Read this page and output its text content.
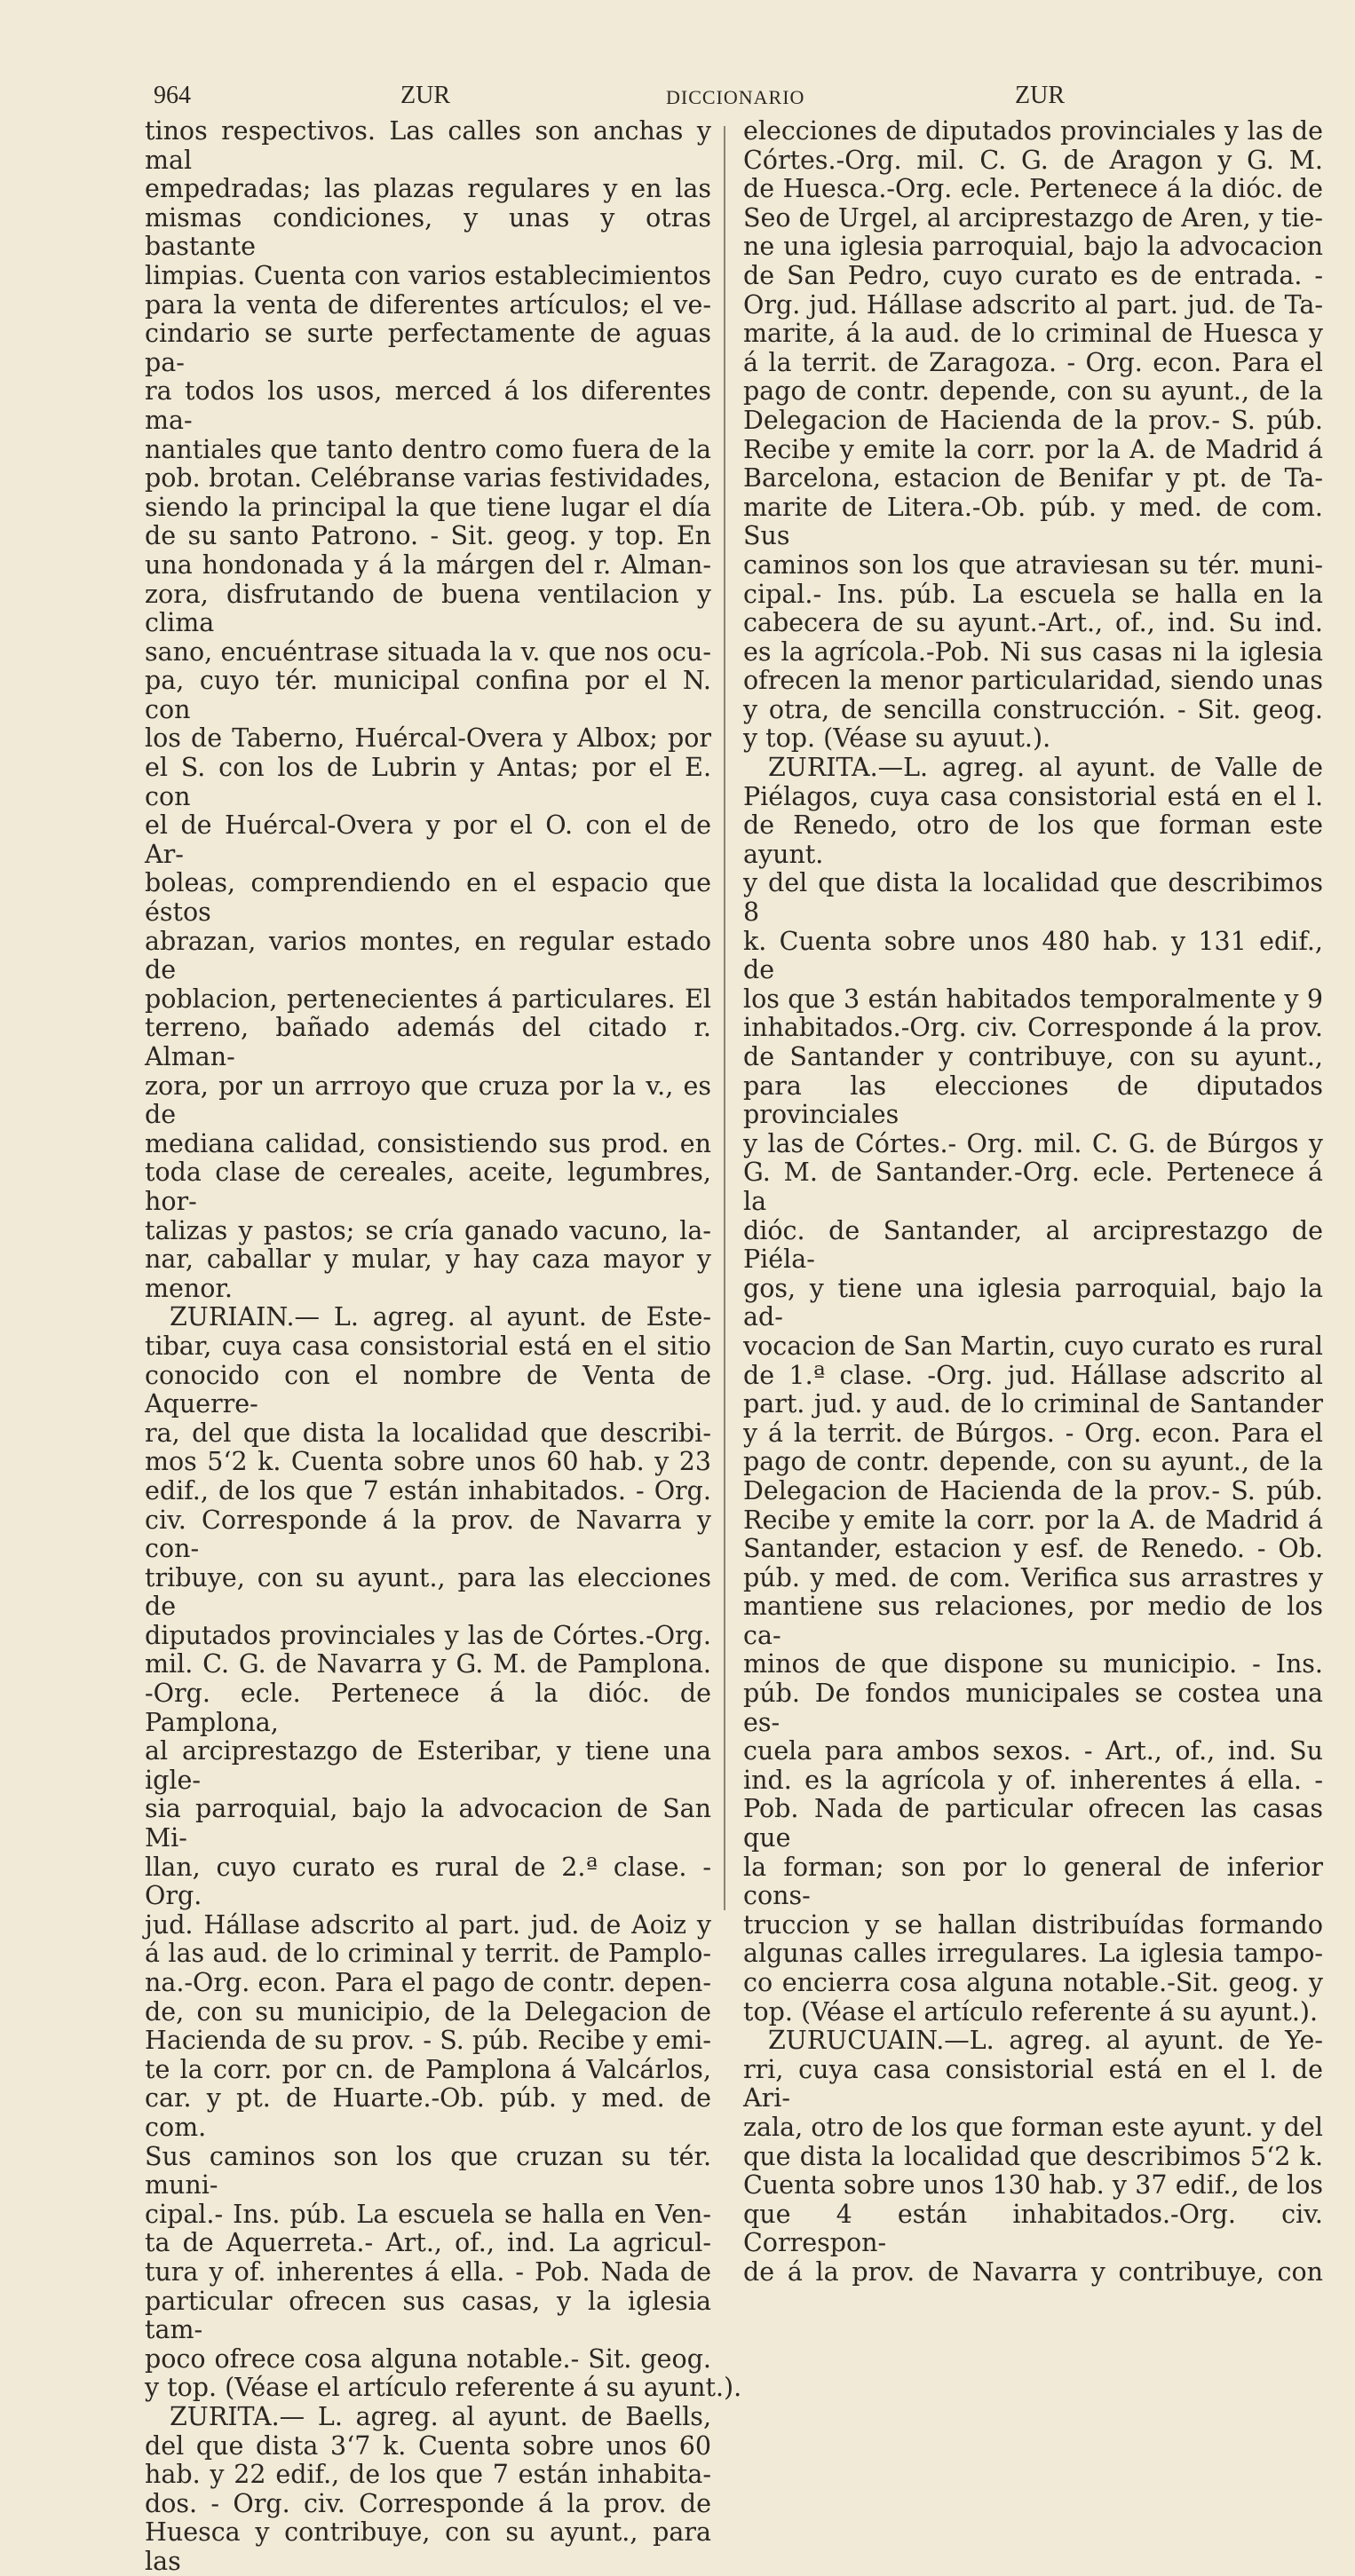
964	ZUR	DICCIONARIO	ZUR
tinos respectivos. Las calles son anchas y mal
empedradas; las plazas regulares y en las
mismas condiciones, y unas y otras bastante
limpias. Cuenta con varios establecimientos
para la venta de diferentes artículos; el ve-
cindario se surte perfectamente de aguas pa-
ra todos los usos, merced á los diferentes ma-
nantiales que tanto dentro como fuera de la
pob. brotan. Celébranse varias festividades,
siendo la principal la que tiene lugar el día
de su santo Patrono. - Sit. geog. y top. En
una hondonada y á la márgen del r. Alman-
zora, disfrutando de buena ventilacion y clima
sano, encuéntrase situada la v. que nos ocu-
pa, cuyo tér. municipal confina por el N. con
los de Taberno, Huércal-Overa y Albox; por
el S. con los de Lubrin y Antas; por el E. con
el de Huércal-Overa y por el O. con el de Ar-
boleas, comprendiendo en el espacio que éstos
abrazan, varios montes, en regular estado de
poblacion, pertenecientes á particulares. El
terreno, bañado además del citado r. Alman-
zora, por un arrroyo que cruza por la v., es de
mediana calidad, consistiendo sus prod. en
toda clase de cereales, aceite, legumbres, hor-
talizas y pastos; se cría ganado vacuno, la-
nar, caballar y mular, y hay caza mayor y
menor.
ZURIAIN.— L. agreg. al ayunt. de Este-
tibar, cuya casa consistorial está en el sitio
conocido con el nombre de Venta de Aquerre-
ra, del que dista la localidad que describi-
mos 5‘2 k. Cuenta sobre unos 60 hab. y 23
edif., de los que 7 están inhabitados. - Org.
civ. Corresponde á la prov. de Navarra y con-
tribuye, con su ayunt., para las elecciones de
diputados provinciales y las de Córtes.-Org.
mil. C. G. de Navarra y G. M. de Pamplona.
-Org. ecle. Pertenece á la dióc. de Pamplona,
al arciprestazgo de Esteribar, y tiene una igle-
sia parroquial, bajo la advocacion de San Mi-
llan, cuyo curato es rural de 2.ª clase. - Org.
jud. Hállase adscrito al part. jud. de Aoiz y
á las aud. de lo criminal y territ. de Pamplo-
na.-Org. econ. Para el pago de contr. depen-
de, con su municipio, de la Delegacion de
Hacienda de su prov. - S. púb. Recibe y emi-
te la corr. por cn. de Pamplona á Valcárlos,
car. y pt. de Huarte.-Ob. púb. y med. de com.
Sus caminos son los que cruzan su tér. muni-
cipal.- Ins. púb. La escuela se halla en Ven-
ta de Aquerreta.- Art., of., ind. La agricul-
tura y of. inherentes á ella. - Pob. Nada de
particular ofrecen sus casas, y la iglesia tam-
poco ofrece cosa alguna notable.- Sit. geog.
y top. (Véase el artículo referente á su ayunt.).
ZURITA.— L. agreg. al ayunt. de Baells,
del que dista 3‘7 k. Cuenta sobre unos 60
hab. y 22 edif., de los que 7 están inhabita-
dos. - Org. civ. Corresponde á la prov. de
Huesca y contribuye, con su ayunt., para las
elecciones de diputados provinciales y las de
Córtes.-Org. mil. C. G. de Aragon y G. M.
de Huesca.-Org. ecle. Pertenece á la dióc. de
Seo de Urgel, al arciprestazgo de Aren, y tie-
ne una iglesia parroquial, bajo la advocacion
de San Pedro, cuyo curato es de entrada. -
Org. jud. Hállase adscrito al part. jud. de Ta-
marite, á la aud. de lo criminal de Huesca y
á la territ. de Zaragoza. - Org. econ. Para el
pago de contr. depende, con su ayunt., de la
Delegacion de Hacienda de la prov.- S. púb.
Recibe y emite la corr. por la A. de Madrid á
Barcelona, estacion de Benifar y pt. de Ta-
marite de Litera.-Ob. púb. y med. de com. Sus
caminos son los que atraviesan su tér. muni-
cipal.- Ins. púb. La escuela se halla en la
cabecera de su ayunt.-Art., of., ind. Su ind.
es la agrícola.-Pob. Ni sus casas ni la iglesia
ofrecen la menor particularidad, siendo unas
y otra, de sencilla construcción. - Sit. geog.
y top. (Véase su ayuut.).
ZURITA.—L. agreg. al ayunt. de Valle de
Piélagos, cuya casa consistorial está en el l.
de Renedo, otro de los que forman este ayunt.
y del que dista la localidad que describimos 8
k. Cuenta sobre unos 480 hab. y 131 edif., de
los que 3 están habitados temporalmente y 9
inhabitados.-Org. civ. Corresponde á la prov.
de Santander y contribuye, con su ayunt.,
para las elecciones de diputados provinciales
y las de Córtes.- Org. mil. C. G. de Búrgos y
G. M. de Santander.-Org. ecle. Pertenece á la
dióc. de Santander, al arciprestazgo de Piéla-
gos, y tiene una iglesia parroquial, bajo la ad-
vocacion de San Martin, cuyo curato es rural
de 1.ª clase. -Org. jud. Hállase adscrito al
part. jud. y aud. de lo criminal de Santander
y á la territ. de Búrgos. - Org. econ. Para el
pago de contr. depende, con su ayunt., de la
Delegacion de Hacienda de la prov.- S. púb.
Recibe y emite la corr. por la A. de Madrid á
Santander, estacion y esf. de Renedo. - Ob.
púb. y med. de com. Verifica sus arrastres y
mantiene sus relaciones, por medio de los ca-
minos de que dispone su municipio. - Ins.
púb. De fondos municipales se costea una es-
cuela para ambos sexos. - Art., of., ind. Su
ind. es la agrícola y of. inherentes á ella. -
Pob. Nada de particular ofrecen las casas que
la forman; son por lo general de inferior cons-
truccion y se hallan distribuídas formando
algunas calles irregulares. La iglesia tampo-
co encierra cosa alguna notable.-Sit. geog. y
top. (Véase el artículo referente á su ayunt.).
ZURUCUAIN.—L. agreg. al ayunt. de Ye-
rri, cuya casa consistorial está en el l. de Ari-
zala, otro de los que forman este ayunt. y del
que dista la localidad que describimos 5‘2 k.
Cuenta sobre unos 130 hab. y 37 edif., de los
que 4 están inhabitados.-Org. civ. Correspon-
de á la prov. de Navarra y contribuye, con
